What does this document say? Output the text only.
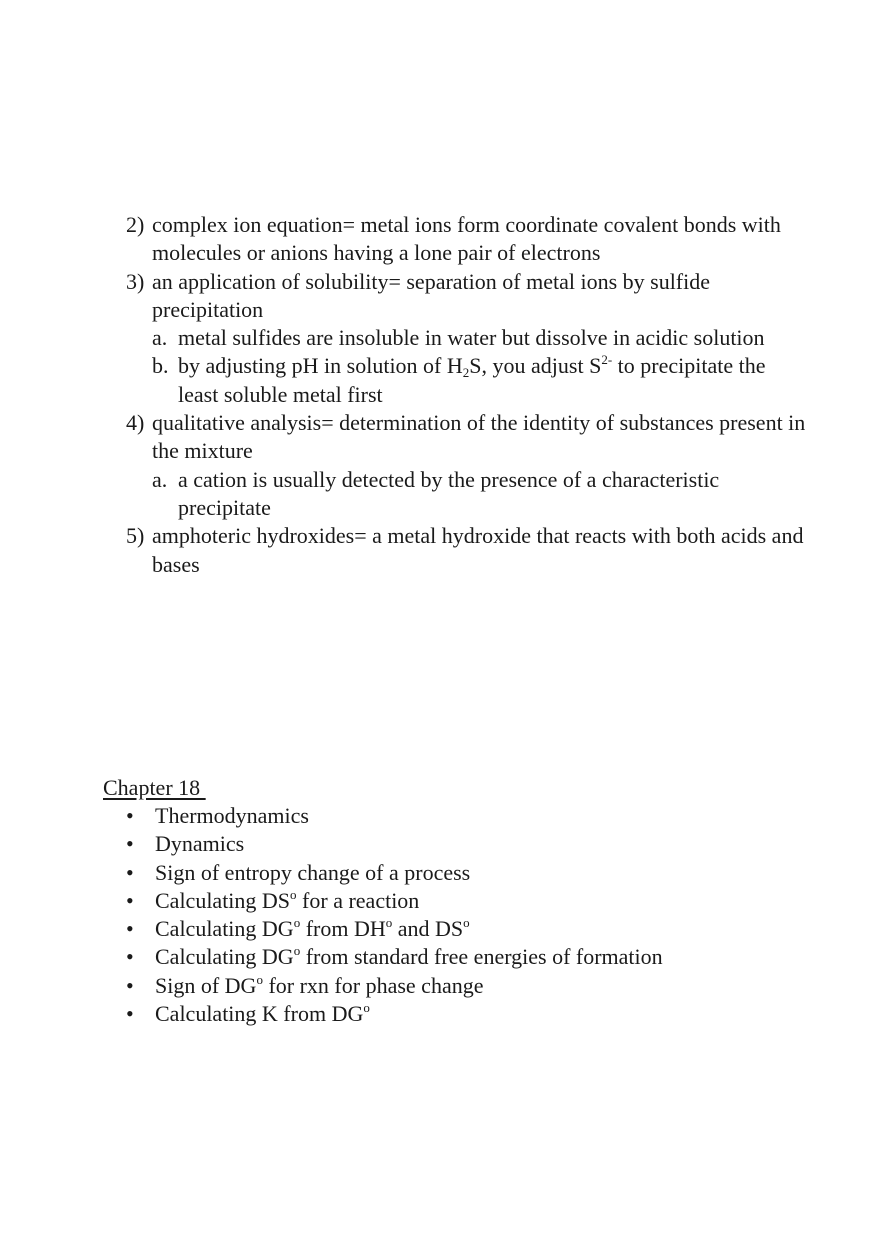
2) complex ion equation= metal ions form coordinate covalent bonds with molecules or anions having a lone pair of electrons
3) an application of solubility= separation of metal ions by sulfide precipitation
a. metal sulfides are insoluble in water but dissolve in acidic solution
b. by adjusting pH in solution of $H_2S$, you adjust $S^{2-}$ to precipitate the least soluble metal first
4) qualitative analysis= determination of the identity of substances present in the mixture
a. a cation is usually detected by the presence of a characteristic precipitate
5) amphoteric hydroxides= a metal hydroxide that reacts with both acids and bases
Chapter 18
• Thermodynamics
• Dynamics
• Sign of entropy change of a process
• Calculating $DS^o$ for a reaction
• Calculating $DG^o$ from $DH^o$ and $DS^o$
• Calculating $DG^o$ from standard free energies of formation
• Sign of $DG^o$ for rxn for phase change
• Calculating K from $DG^o$
